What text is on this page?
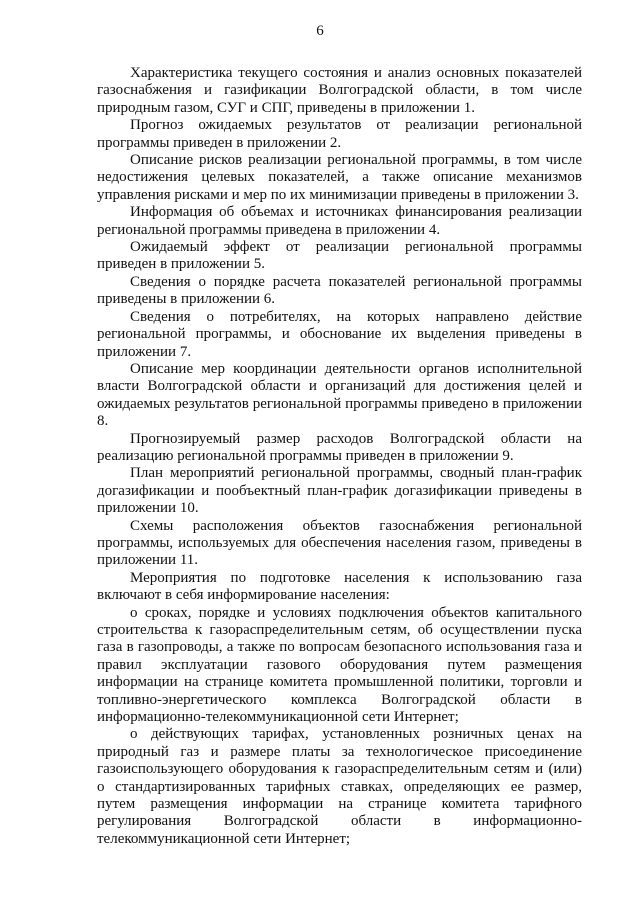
6

Характеристика текущего состояния и анализ основных показателей газоснабжения и газификации Волгоградской области, в том числе природным газом, СУГ и СПГ, приведены в приложении 1.

Прогноз ожидаемых результатов от реализации региональной программы приведен в приложении 2.

Описание рисков реализации региональной программы, в том числе недостижения целевых показателей, а также описание механизмов управления рисками и мер по их минимизации приведены в приложении 3.

Информация об объемах и источниках финансирования реализации региональной программы приведена в приложении 4.

Ожидаемый эффект от реализации региональной программы приведен в приложении 5.

Сведения о порядке расчета показателей региональной программы приведены в приложении 6.

Сведения о потребителях, на которых направлено действие региональной программы, и обоснование их выделения приведены в приложении 7.

Описание мер координации деятельности органов исполнительной власти Волгоградской области и организаций для достижения целей и ожидаемых результатов региональной программы приведено в приложении 8.

Прогнозируемый размер расходов Волгоградской области на реализацию региональной программы приведен в приложении 9.

План мероприятий региональной программы, сводный план-график догазификации и пообъектный план-график догазификации приведены в приложении 10.

Схемы расположения объектов газоснабжения региональной программы, используемых для обеспечения населения газом, приведены в приложении 11.

Мероприятия по подготовке населения к использованию газа включают в себя информирование населения:

о сроках, порядке и условиях подключения объектов капитального строительства к газораспределительным сетям, об осуществлении пуска газа в газопроводы, а также по вопросам безопасного использования газа и правил эксплуатации газового оборудования путем размещения информации на странице комитета промышленной политики, торговли и топливно-энергетического комплекса Волгоградской области в информационно-телекоммуникационной сети Интернет;

о действующих тарифах, установленных розничных ценах на природный газ и размере платы за технологическое присоединение газоиспользующего оборудования к газораспределительным сетям и (или) о стандартизированных тарифных ставках, определяющих ее размер, путем размещения информации на странице комитета тарифного регулирования Волгоградской области в информационно-телекоммуникационной сети Интернет;
